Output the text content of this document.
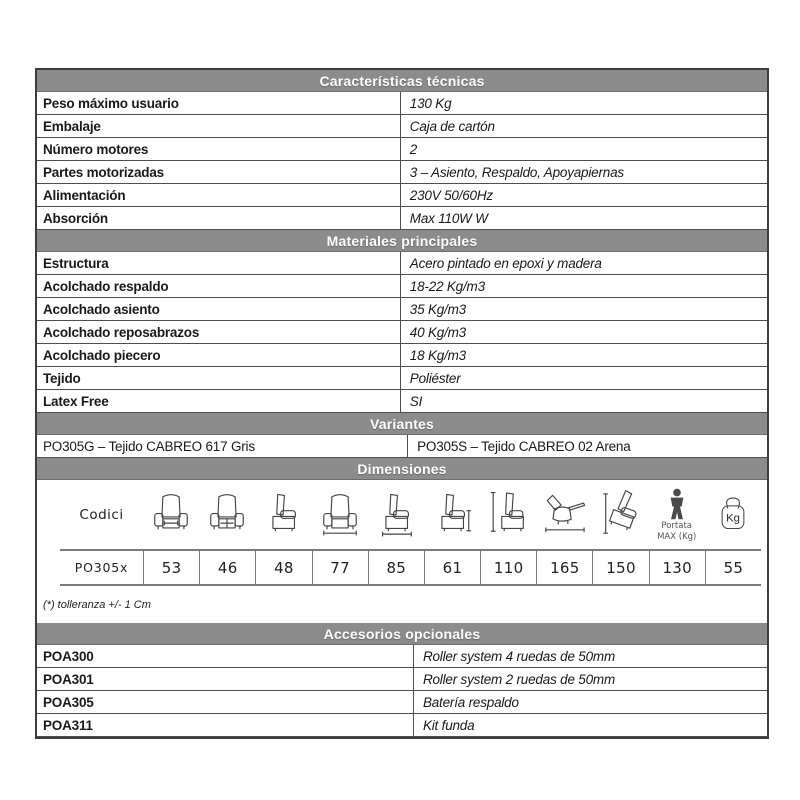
Características técnicas
Peso máximo usuario	130 Kg
Embalaje	Caja de cartón
Número motores	2
Partes motorizadas	3 – Asiento, Respaldo, Apoyapiernas
Alimentación	230V 50/60Hz
Absorción	Max 110W W
Materiales principales
Estructura	Acero pintado en epoxi y madera
Acolchado respaldo	18-22 Kg/m3
Acolchado asiento	35 Kg/m3
Acolchado reposabrazos	40 Kg/m3
Acolchado piecero	18 Kg/m3
Tejido	Poliéster
Latex Free	SI
Variantes
PO305G – Tejido CABREO 617 Gris	PO305S – Tejido CABREO 02 Arena
Dimensiones
Codici
Portata MAX (Kg)
Kg
PO305x	53	46	48	77	85	61	110	165	150	130	55
(*) tolleranza +/- 1 Cm
Accesorios opcionales
POA300	Roller system 4 ruedas de 50mm
POA301	Roller system 2 ruedas de 50mm
POA305	Batería respaldo
POA311	Kit funda
